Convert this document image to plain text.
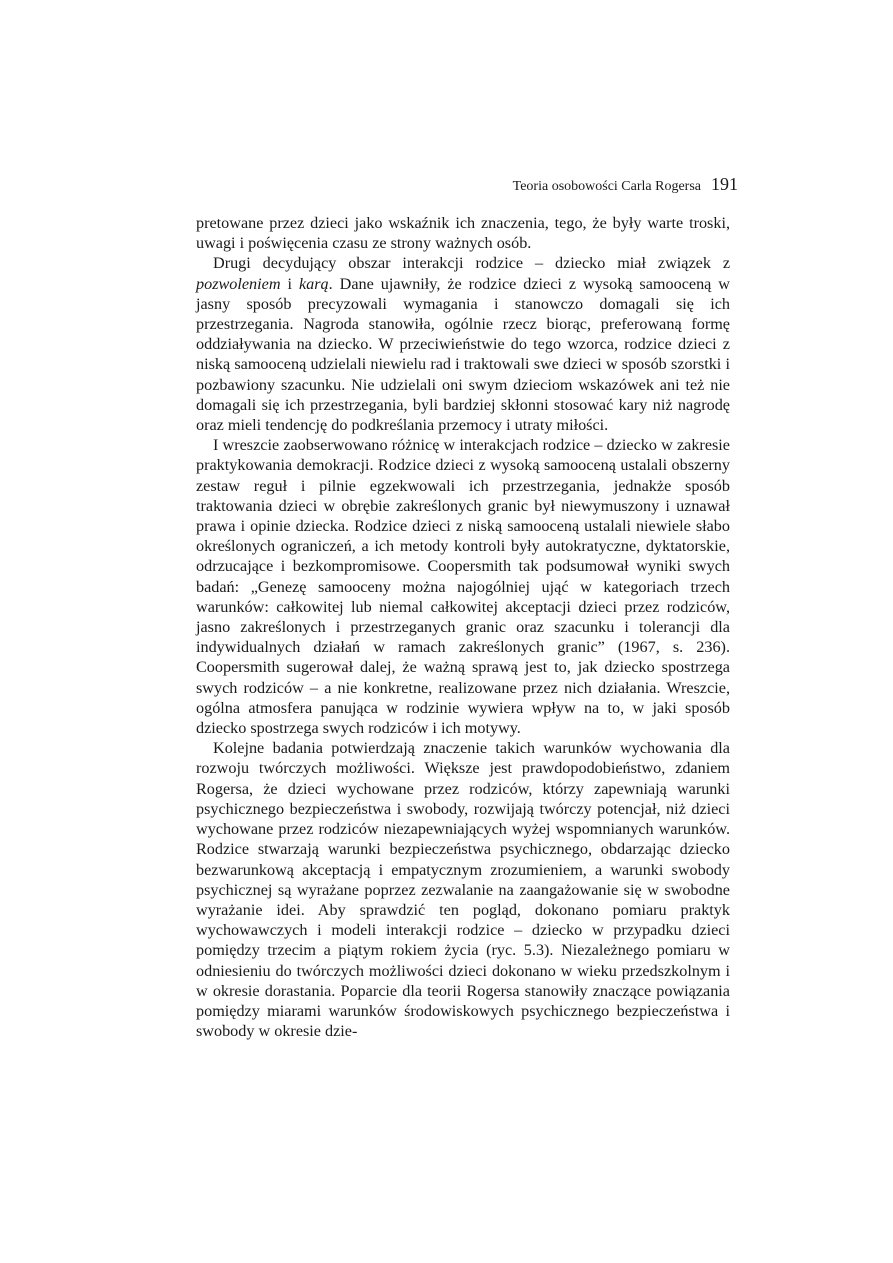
Teoria osobowości Carla Rogersa 191

pretowane przez dzieci jako wskaźnik ich znaczenia, tego, że były warte troski, uwagi i poświęcenia czasu ze strony ważnych osób.

Drugi decydujący obszar interakcji rodzice – dziecko miał związek z pozwoleniem i karą. Dane ujawniły, że rodzice dzieci z wysoką samooceną w jasny sposób precyzowali wymagania i stanowczo domagali się ich przestrzegania. Nagroda stanowiła, ogólnie rzecz biorąc, preferowaną formę oddziaływania na dziecko. W przeciwieństwie do tego wzorca, rodzice dzieci z niską samooceną udzielali niewielu rad i traktowali swe dzieci w sposób szorstki i pozbawiony szacunku. Nie udzielali oni swym dzieciom wskazówek ani też nie domagali się ich przestrzegania, byli bardziej skłonni stosować kary niż nagrodę oraz mieli tendencję do podkreślania przemocy i utraty miłości.

I wreszcie zaobserwowano różnicę w interakcjach rodzice – dziecko w zakresie praktykowania demokracji. Rodzice dzieci z wysoką samooceną ustalali obszerny zestaw reguł i pilnie egzekwowali ich przestrzegania, jednakże sposób traktowania dzieci w obrębie zakreślonych granic był niewymuszony i uznawał prawa i opinie dziecka. Rodzice dzieci z niską samooceną ustalali niewiele słabo określonych ograniczeń, a ich metody kontroli były autokratyczne, dyktatorskie, odrzucające i bezkompromisowe. Coopersmith tak podsumował wyniki swych badań: „Genezę samooceny można najogólniej ująć w kategoriach trzech warunków: całkowitej lub niemal całkowitej akceptacji dzieci przez rodziców, jasno zakreślonych i przestrzeganych granic oraz szacunku i tolerancji dla indywidualnych działań w ramach zakreślonych granic” (1967, s. 236). Coopersmith sugerował dalej, że ważną sprawą jest to, jak dziecko spostrzega swych rodziców – a nie konkretne, realizowane przez nich działania. Wreszcie, ogólna atmosfera panująca w rodzinie wywiera wpływ na to, w jaki sposób dziecko spostrzega swych rodziców i ich motywy.

Kolejne badania potwierdzają znaczenie takich warunków wychowania dla rozwoju twórczych możliwości. Większe jest prawdopodobieństwo, zdaniem Rogersa, że dzieci wychowane przez rodziców, którzy zapewniają warunki psychicznego bezpieczeństwa i swobody, rozwijają twórczy potencjał, niż dzieci wychowane przez rodziców niezapewniających wyżej wspomnianych warunków. Rodzice stwarzają warunki bezpieczeństwa psychicznego, obdarzając dziecko bezwarunkową akceptacją i empatycznym zrozumieniem, a warunki swobody psychicznej są wyrażane poprzez zezwalanie na zaangażowanie się w swobodne wyrażanie idei. Aby sprawdzić ten pogląd, dokonano pomiaru praktyk wychowawczych i modeli interakcji rodzice – dziecko w przypadku dzieci pomiędzy trzecim a piątym rokiem życia (ryc. 5.3). Niezależnego pomiaru w odniesieniu do twórczych możliwości dzieci dokonano w wieku przedszkolnym i w okresie dorastania. Poparcie dla teorii Rogersa stanowiły znaczące powiązania pomiędzy miarami warunków środowiskowych psychicznego bezpieczeństwa i swobody w okresie dzie-
